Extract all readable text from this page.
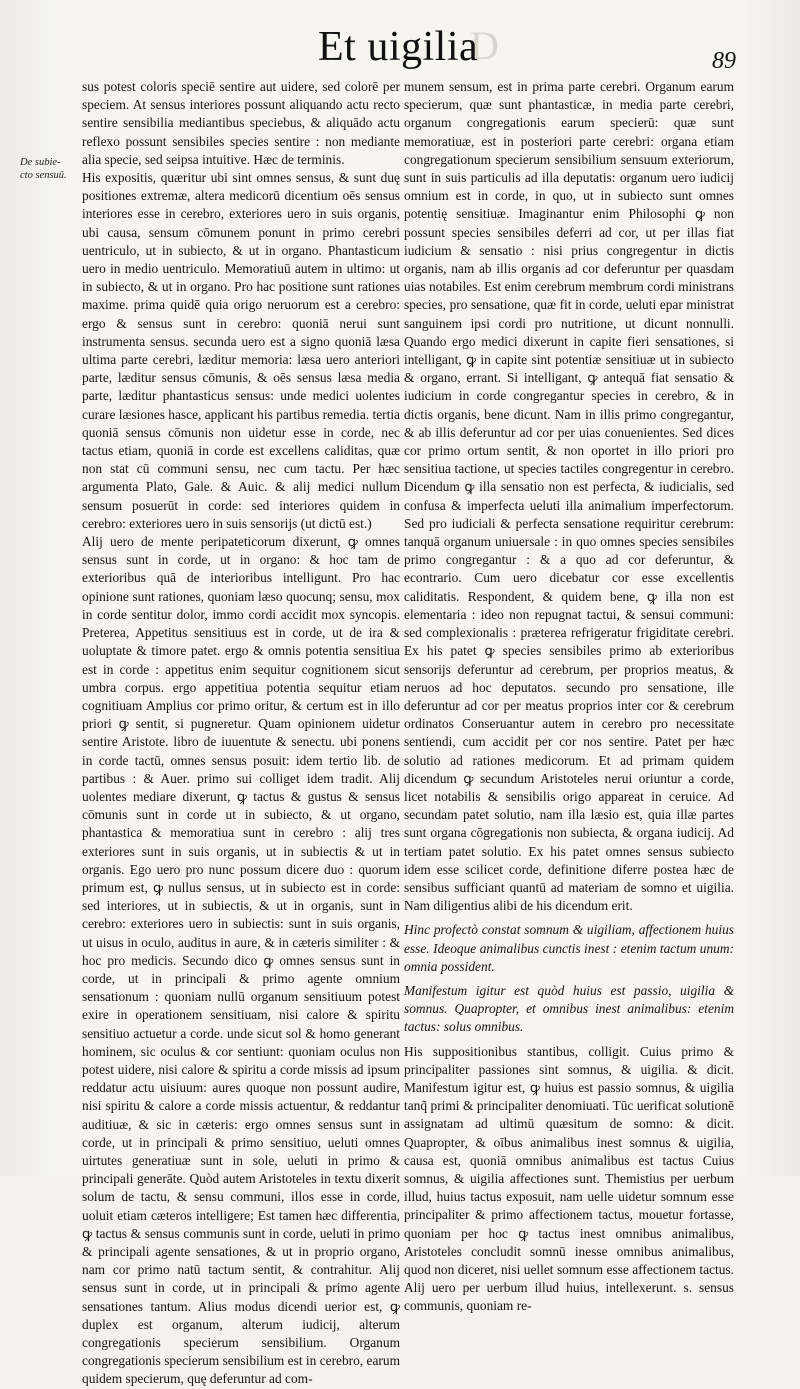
D
Et uigilia	89
De subie- cto sensuū.

sus potest coloris speciē sentire aut uidere, sed colorē per speciem. At sensus interiores possunt aliquando actu recto sentire sensibilia mediantibus speciebus, & aliquādo actu reflexo possunt sensibiles species sentire : non mediante alia specie, sed seipsa intuitive. Hæc de terminis.

His expositis, quæritur ubi sint omnes sensus, & sunt duę positiones extremæ, altera medicorū dicentium oēs sensus interiores esse in cerebro, exteriores uero in suis organis, ubi causa, sensum cōmunem ponunt in primo cerebri uentriculo, ut in subiecto, & ut in organo. Phantasticum uero in medio uentriculo. Memoratiuū autem in ultimo: ut in subiecto, & ut in organo. Pro hac positione sunt rationes maxime. prima quidē quia origo neruorum est a cerebro: ergo & sensus sunt in cerebro: quoniā nerui sunt instrumenta sensus. secunda uero est a signo quoniā læsa ultima parte cerebri, læditur memoria: læsa uero anteriori parte, læditur sensus cōmunis, & oēs sensus læsa media parte, læditur phantasticus sensus: unde medici uolentes curare læsiones hasce, applicant his partibus remedia. tertia quoniā sensus cōmunis non uidetur esse in corde, nec tactus etiam, quoniā in corde est excellens caliditas, quæ non stat cū communi sensu, nec cum tactu. Per hæc argumenta Plato, Gale. & Auic. & alij medici nullum sensum posuerūt in corde: sed interiores quidem in cerebro: exteriores uero in suis sensorijs (ut dictū est.)

Alij uero de mente peripateticorum dixerunt, ꝙ omnes sensus sunt in corde, ut in organo: & hoc tam de exterioribus quā de interioribus intelligunt. Pro hac opinione sunt rationes, quoniam læso quocunq; sensu, mox in corde sentitur dolor, immo cordi accidit mox syncopis. Preterea, Appetitus sensitiuus est in corde, ut de ira & uoluptate & timore patet. ergo & omnis potentia sensitiua est in corde : appetitus enim sequitur cognitionem sicut umbra corpus. ergo appetitiua potentia sequitur etiam cognitiuam Amplius cor primo oritur, & certum est in illo priori ꝙ sentit, si pugneretur. Quam opinionem uidetur sentire Aristote. libro de iuuentute & senectu. ubi ponens in corde tactū, omnes sensus posuit: idem tertio lib. de partibus : & Auer. primo sui colliget idem tradit. Alij uolentes mediare dixerunt, ꝙ tactus & gustus & sensus cōmunis sunt in corde ut in subiecto, & ut organo, phantastica & memoratiua sunt in cerebro : alij tres exteriores sunt in suis organis, ut in subiectis & ut in organis. Ego uero pro nunc possum dicere duo : quorum primum est, ꝙ nullus sensus, ut in subiecto est in corde: sed interiores, ut in subiectis, & ut in organis, sunt in cerebro: exteriores uero in subiectis: sunt in suis organis, ut uisus in oculo, auditus in aure, & in cæteris similiter : & hoc pro medicis. Secundo dico ꝙ omnes sensus sunt in corde, ut in principali & primo agente omnium sensationum : quoniam nullū organum sensitiuum potest exire in operationem sensitiuam, nisi calore & spiritu sensitiuo actuetur a corde. unde sicut sol & homo generant hominem, sic oculus & cor sentiunt: quoniam oculus non potest uidere, nisi calore & spiritu a corde missis ad ipsum reddatur actu uisiuum: aures quoque non possunt audire, nisi spiritu & calore a corde missis actuentur, & reddantur auditiuæ, & sic in cæteris: ergo omnes sensus sunt in corde, ut in principali & primo sensitiuo, ueluti omnes uirtutes generatiuæ sunt in sole, ueluti in primo & principali generāte. Quòd autem Aristoteles in textu dixerit solum de tactu, & sensu communi, illos esse in corde, uoluit etiam cæteros intelligere; Est tamen hæc differentia, ꝙ tactus & sensus communis sunt in corde, ueluti in primo & principali agente sensationes, & ut in proprio organo, nam cor primo natū tactum sentit, & contrahitur. Alij sensus sunt in corde, ut in principali & primo agente sensationes tantum. Alius modus dicendi uerior est, ꝙ duplex est organum, alterum iudicij, alterum congregationis specierum sensibilium. Organum congregationis specierum sensibilium est in cerebro, earum quidem specierum, quę deferuntur ad com-

munem sensum, est in prima parte cerebri. Organum earum specierum, quæ sunt phantasticæ, in media parte cerebri, organum congregationis earum specierū: quæ sunt memoratiuæ, est in posteriori parte cerebri: organa etiam congregationum specierum sensibilium sensuum exteriorum, sunt in suis particulis ad illa deputatis: organum uero iudicij omnium est in corde, in quo, ut in subiecto sunt omnes potentię sensitiuæ. Imaginantur enim Philosophi ꝙ non possunt species sensibiles deferri ad cor, ut per illas fiat iudicium & sensatio : nisi prius congregentur in dictis organis, nam ab illis organis ad cor deferuntur per quasdam uias notabiles. Est enim cerebrum membrum cordi ministrans species, pro sensatione, quæ fit in corde, ueluti epar ministrat sanguinem ipsi cordi pro nutritione, ut dicunt nonnulli. Quando ergo medici dixerunt in capite fieri sensationes, si intelligant, ꝙ in capite sint potentiæ sensitiuæ ut in subiecto & organo, errant. Si intelligant, ꝙ antequā fiat sensatio & iudicium in corde congregantur species in cerebro, & in dictis organis, bene dicunt. Nam in illis primo congregantur, & ab illis deferuntur ad cor per uias conuenientes. Sed dices cor primo ortum sentit, & non oportet in illo priori pro sensitiua tactione, ut species tactiles congregentur in cerebro. Dicendum ꝙ illa sensatio non est perfecta, & iudicialis, sed confusa & imperfecta ueluti illa animalium imperfectorum. Sed pro iudiciali & perfecta sensatione requiritur cerebrum: tanquā organum uniuersale : in quo omnes species sensibiles primo congregantur : & a quo ad cor deferuntur, & econtrario. Cum uero dicebatur cor esse excellentis caliditatis. Respondent, & quidem bene, ꝙ illa non est elementaria : ideo non repugnat tactui, & sensui communi: sed complexionalis : præterea refrigeratur frigiditate cerebri. Ex his patet ꝙ species sensibiles primo ab exterioribus sensorijs deferuntur ad cerebrum, per proprios meatus, & neruos ad hoc deputatos. secundo pro sensatione, ille deferuntur ad cor per meatus proprios inter cor & cerebrum ordinatos Conseruantur autem in cerebro pro necessitate sentiendi, cum accidit per cor nos sentire. Patet per hæc solutio ad rationes medicorum. Et ad primam quidem dicendum ꝙ secundum Aristoteles nerui oriuntur a corde, licet notabilis & sensibilis origo appareat in ceruice. Ad secundam patet solutio, nam illa læsio est, quia illæ partes sunt organa cōgregationis non subiecta, & organa iudicij. Ad tertiam patet solutio. Ex his patet omnes sensus subiecto idem esse scilicet corde, definitione diferre postea hæc de sensibus sufficiant quantū ad materiam de somno et uigilia. Nam diligentius alibi de his dicendum erit.

Hinc profectò constat somnum & uigiliam, affectionem huius esse. Ideoque animalibus cunctis inest : etenim tactum unum: omnia possident.

Manifestum igitur est quòd huius est passio, uigilia & somnus. Quapropter, et omnibus inest animalibus: etenim tactus: solus omnibus.

His suppositionibus stantibus, colligit. Cuius primo & principaliter passiones sint somnus, & uigilia. & dicit. Manifestum igitur est, ꝙ huius est passio somnus, & uigilia tanq̃ primi & principaliter denomiuati. Tūc uerificat solutionē assignatam ad ultimū quæsitum de somno: & dicit. Quapropter, & oībus animalibus inest somnus & uigilia, causa est, quoniā omnibus animalibus est tactus Cuius somnus, & uigilia affectiones sunt. Themistius per uerbum illud, huius tactus exposuit, nam uelle uidetur somnum esse principaliter & primo affectionem tactus, mouetur fortasse, quoniam per hoc ꝙ tactus inest omnibus animalibus, Aristoteles concludit somnū inesse omnibus animalibus, quod non diceret, nisi uellet somnum esse affectionem tactus. Alij uero per uerbum illud huius, intellexerunt. s. sensus communis, quoniam re-
